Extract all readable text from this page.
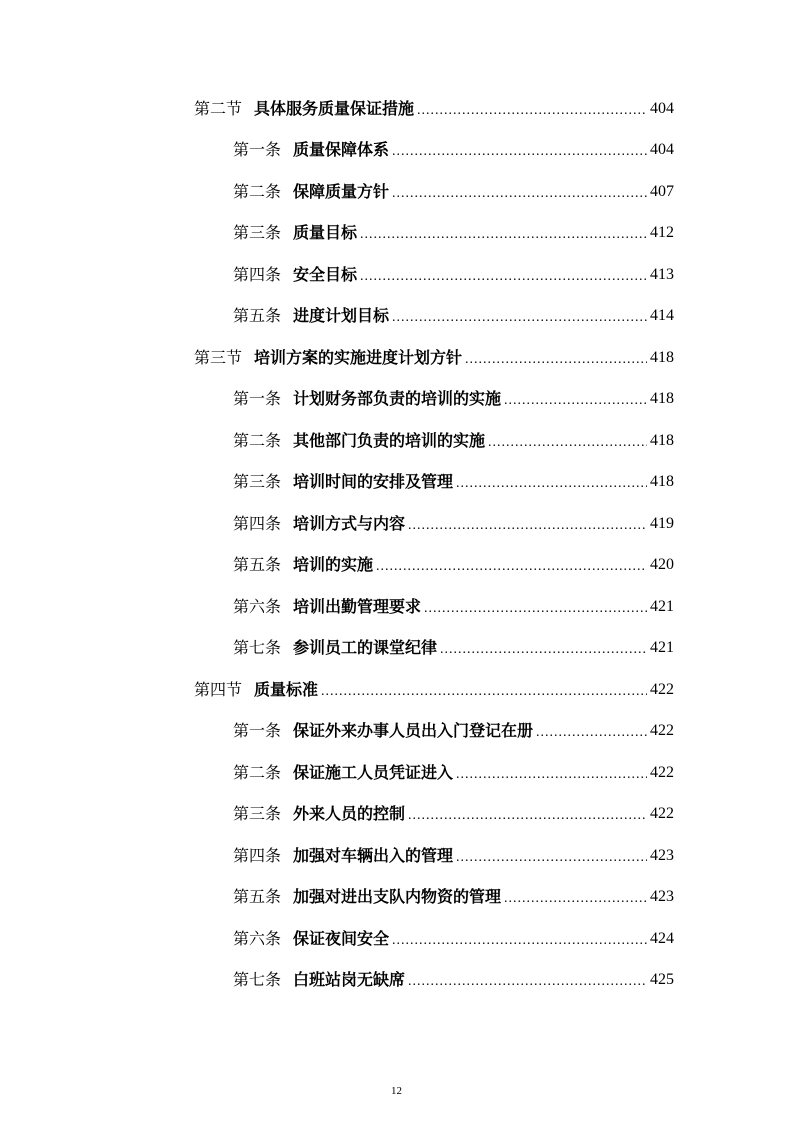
第二节 具体服务质量保证措施 .....	404
第一条 质量保障体系 .....	404
第二条 保障质量方针 .....	407
第三条 质量目标 .....	412
第四条 安全目标 .....	413
第五条 进度计划目标 .....	414
第三节 培训方案的实施进度计划方针 .....	418
第一条 计划财务部负责的培训的实施 .....	418
第二条 其他部门负责的培训的实施 .....	418
第三条 培训时间的安排及管理 .....	418
第四条 培训方式与内容 .....	419
第五条 培训的实施 .....	420
第六条 培训出勤管理要求 .....	421
第七条 参训员工的课堂纪律 .....	421
第四节 质量标准 .....	422
第一条 保证外来办事人员出入门登记在册 .....	422
第二条 保证施工人员凭证进入 .....	422
第三条 外来人员的控制 .....	422
第四条 加强对车辆出入的管理 .....	423
第五条 加强对进出支队内物资的管理 .....	423
第六条 保证夜间安全 .....	424
第七条 白班站岗无缺席 .....	425
12
